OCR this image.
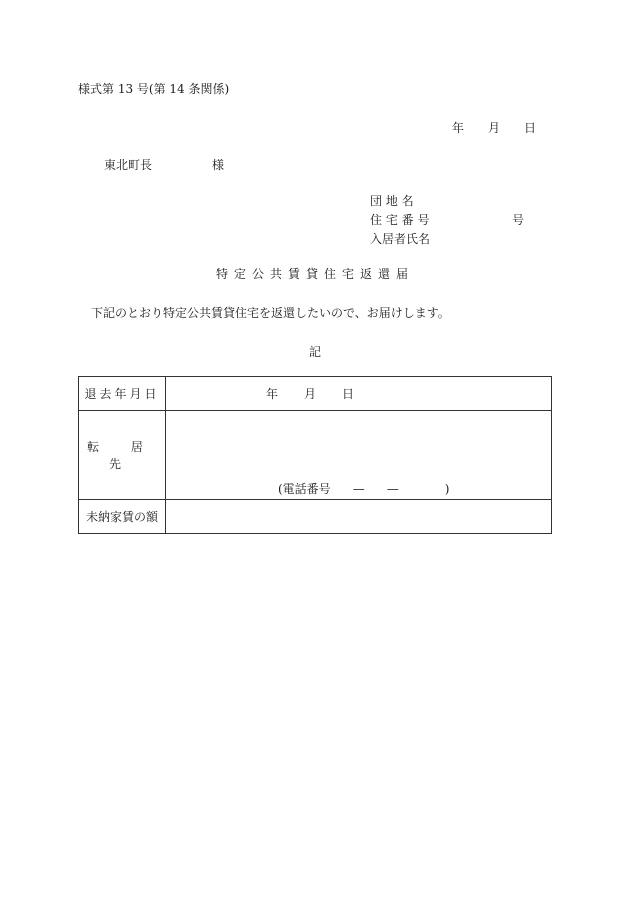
様式第 13 号(第 14 条関係)
年 月 日
東北町長	様
団 地 名
住 宅 番 号	号
入居者氏名
特定公共賃貸住宅返還届
下記のとおり特定公共賃貸住宅を返還したいので、お届けします。
記
退去年月日	年 月 日
転 居 先	(電話番号 — — )

未納家賃の額	
